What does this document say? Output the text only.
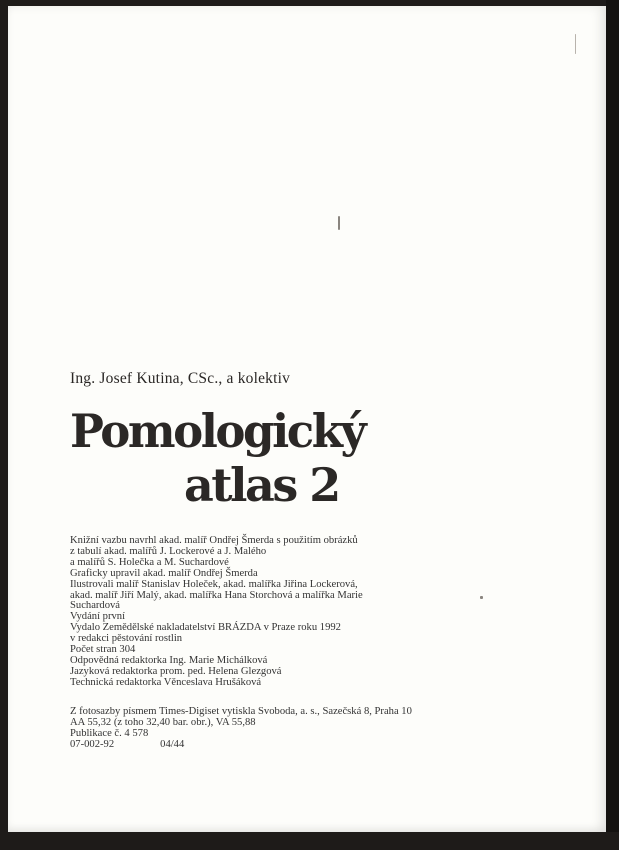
Ing. Josef Kutina, CSc., a kolektiv

Pomologický
atlas 2
Knižní vazbu navrhl akad. malíř Ondřej Šmerda s použitím obrázků
z tabulí akad. malířů J. Lockerové a J. Malého
a malířů S. Holečka a M. Suchardové
Graficky upravil akad. malíř Ondřej Šmerda
Ilustrovali malíř Stanislav Holeček, akad. malířka Jiřina Lockerová,
akad. malíř Jiří Malý, akad. malířka Hana Storchová a malířka Marie
Suchardová
Vydání první
Vydalo Zemědělské nakladatelství BRÁZDA v Praze roku 1992
v redakci pěstování rostlin
Počet stran 304
Odpovědná redaktorka Ing. Marie Michálková
Jazyková redaktorka prom. ped. Helena Glezgová
Technická redaktorka Věnceslava Hrušáková
Z fotosazby písmem Times-Digiset vytiskla Svoboda, a. s., Sazečská 8, Praha 10
AA 55,32 (z toho 32,40 bar. obr.), VA 55,88
Publikace č. 4 578
07-002-92	04/44
